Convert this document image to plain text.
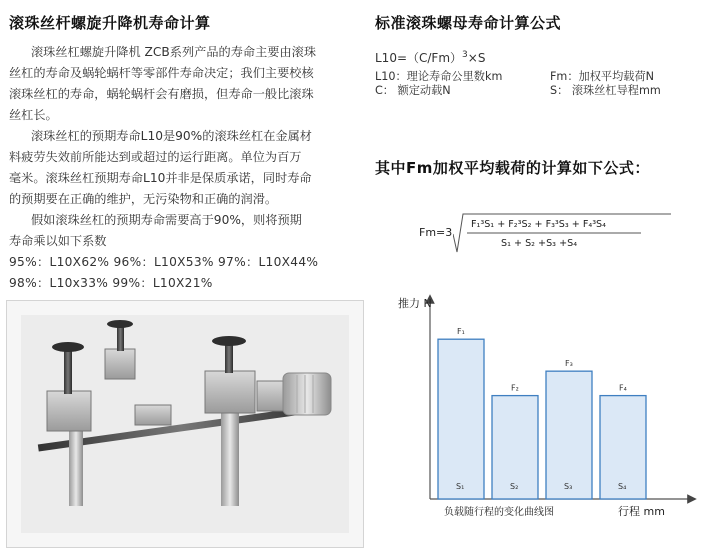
滚珠丝杆螺旋升降机寿命计算
滚珠丝杠螺旋升降机 ZCB系列产品的寿命主要由滚珠
丝杠的寿命及蜗轮蜗杆等零部件寿命决定；我们主要校核
滚珠丝杠的寿命，蜗轮蜗杆会有磨损，但寿命一般比滚珠
丝杠长。
滚珠丝杠的预期寿命L10是90%的滚珠丝杠在金属材
料疲劳失效前所能达到或超过的运行距离。单位为百万
毫米。滚珠丝杠预期寿命L10并非是保质承诺，同时寿命
的预期要在正确的维护，无污染物和正确的润滑。
假如滚珠丝杠的预期寿命需要高于90%，则将预期
寿命乘以如下系数
95%：L10X62% 96%：L10X53% 97%：L10X44%
98%：L10x33% 99%：L10X21%
标准滚珠螺母寿命计算公式
$L10=(C/Fm)^3\times S$
L10：理论寿命公里数km	Fm：加权平均载荷N
C： 额定动载N	S： 滚珠丝杠导程mm
其中Fm加权平均载荷的计算如下公式：
Fm=3
F₁³S₁ + F₂³S₂ + F₃³S₃ + F₄³S₄
S₁ + S₂ +S₃ +S₄
推力 N
行程 mm
负载随行程的变化曲线图
F₁
S₁
F₂
S₂
F₃
S₃
F₄
S₄
